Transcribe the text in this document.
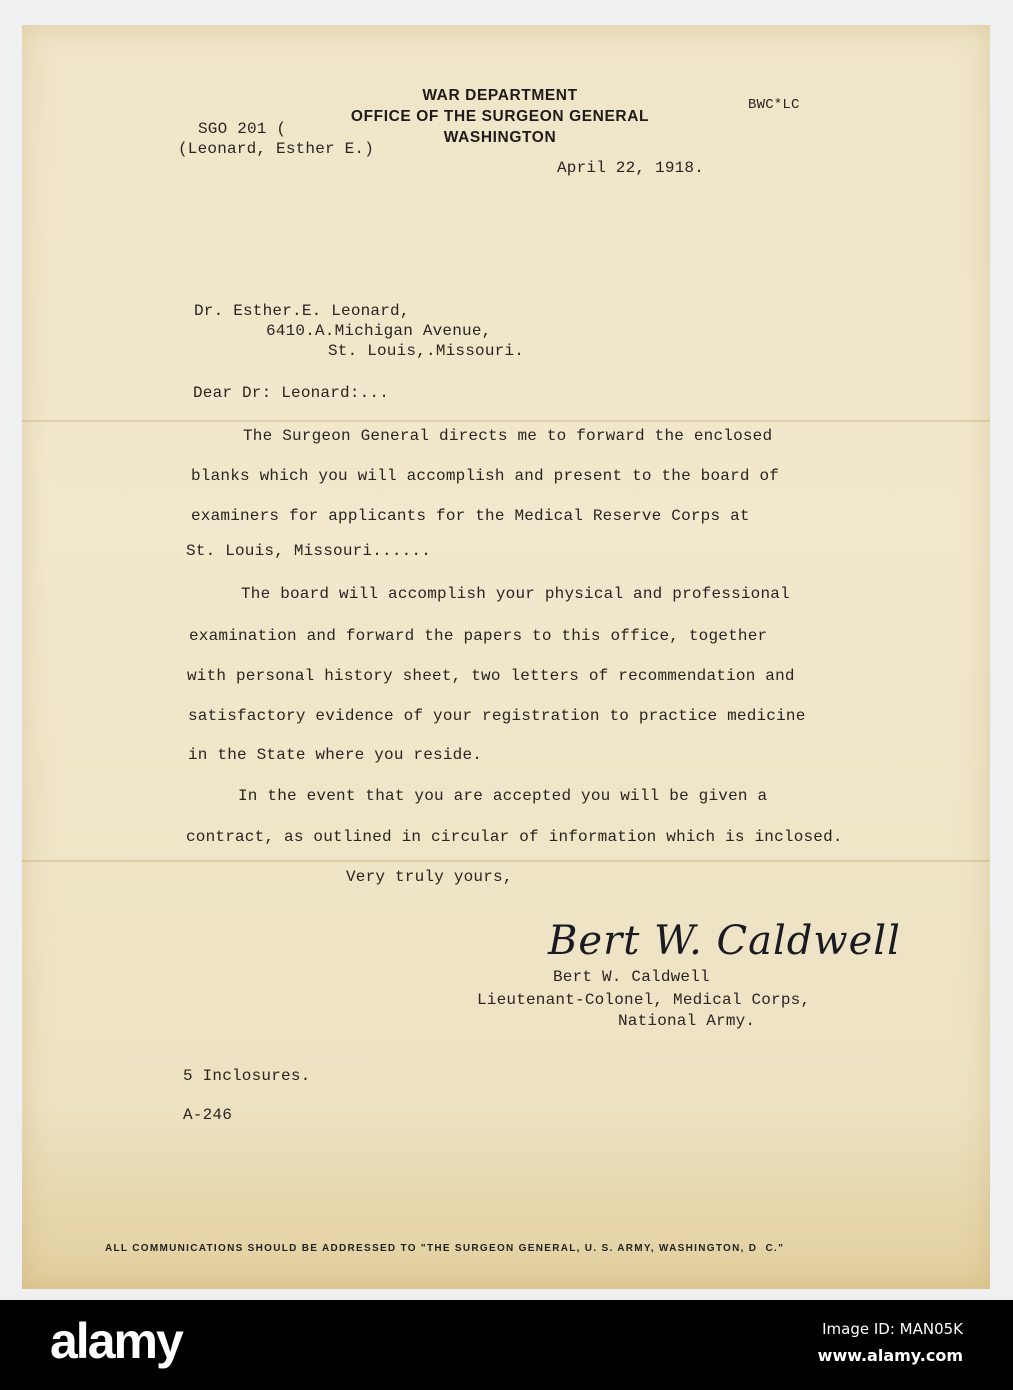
WAR DEPARTMENT
OFFICE OF THE SURGEON GENERAL
WASHINGTON
SGO 201 (
(Leonard, Esther E.)
BWC*LC
April 22, 1918.
Dr. Esther.E. Leonard,
6410.A.Michigan Avenue,
St. Louis,.Missouri.
Dear Dr: Leonard:...
The Surgeon General directs me to forward the enclosed
blanks which you will accomplish and present to the board of
examiners for applicants for the Medical Reserve Corps at
St. Louis, Missouri......
The board will accomplish your physical and professional
examination and forward the papers to this office, together
with personal history sheet, two letters of recommendation and
satisfactory evidence of your registration to practice medicine
in the State where you reside.
In the event that you are accepted you will be given a
contract, as outlined in circular of information which is inclosed.
Very truly yours,
Bert W. Caldwell
Bert W. Caldwell
Lieutenant-Colonel, Medical Corps,
National Army.
5 Inclosures.
A-246
ALL COMMUNICATIONS SHOULD BE ADDRESSED TO "THE SURGEON GENERAL, U. S. ARMY, WASHINGTON, D  C."
alamy	Image ID: MAN05K
www.alamy.com
